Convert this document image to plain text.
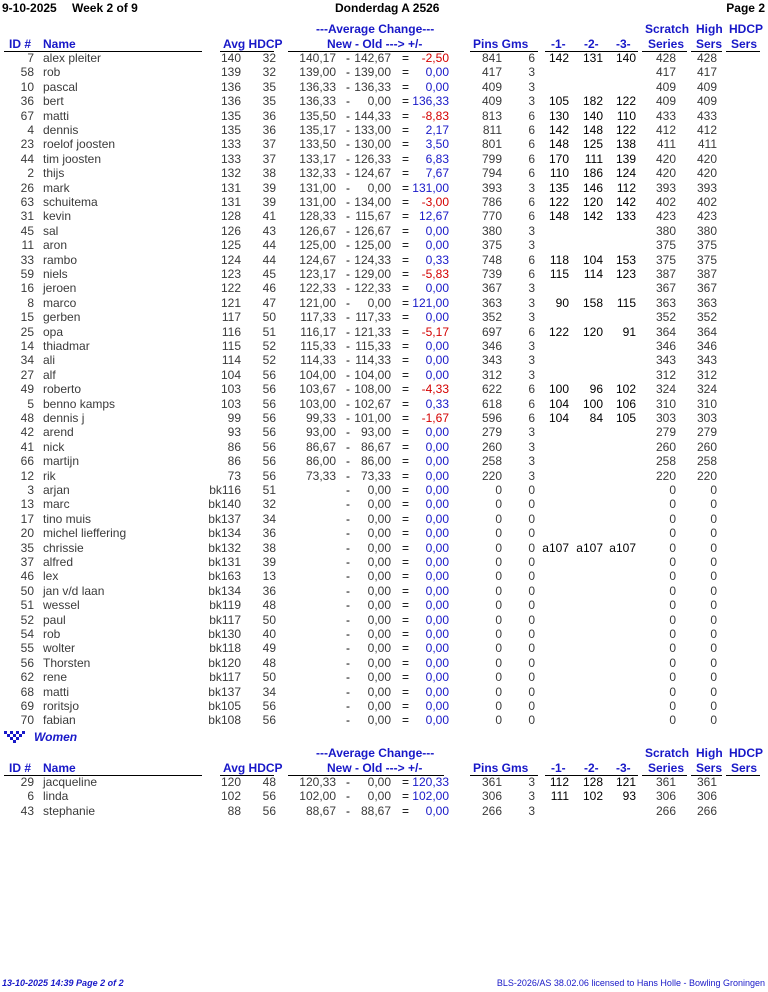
9-10-2025 Week 2 of 9	Donderdag A 2526	Page 2
---Average Change---	Scratch High HDCP
ID # Name	Avg HDCP	New - Old ---> +/-	Pins Gms -1- -2- -3- Series Sers Sers
7 alex pleiter	140 32 140,17 - 142,67 = -2,50	841 6 142 131 140 428 428
58 rob	139 32 139,00 - 139,00 = 0,00	417 3	417 417
10 pascal	136 35 136,33 - 136,33 = 0,00	409 3	409 409
36 bert	136 35 136,33 - 0,00 = 136,33	409 3 105 182 122 409 409
67 matti	135 36 135,50 - 144,33 = -8,83	813 6 130 140 110 433 433
4 dennis	135 36 135,17 - 133,00 = 2,17	811 6 142 148 122 412 412
23 roelof joosten	133 37 133,50 - 130,00 = 3,50	801 6 148 125 138 411 411
44 tim joosten	133 37 133,17 - 126,33 = 6,83	799 6 170 111 139 420 420
2 thijs	132 38 132,33 - 124,67 = 7,67	794 6 110 186 124 420 420
26 mark	131 39 131,00 - 0,00 = 131,00	393 3 135 146 112 393 393
63 schuitema	131 39 131,00 - 134,00 = -3,00	786 6 122 120 142 402 402
31 kevin	128 41 128,33 - 115,67 = 12,67	770 6 148 142 133 423 423
45 sal	126 43 126,67 - 126,67 = 0,00	380 3	380 380
11 aron	125 44 125,00 - 125,00 = 0,00	375 3	375 375
33 rambo	124 44 124,67 - 124,33 = 0,33	748 6 118 104 153 375 375
59 niels	123 45 123,17 - 129,00 = -5,83	739 6 115 114 123 387 387
16 jeroen	122 46 122,33 - 122,33 = 0,00	367 3	367 367
8 marco	121 47 121,00 - 0,00 = 121,00	363 3 90 158 115 363 363
15 gerben	117 50 117,33 - 117,33 = 0,00	352 3	352 352
25 opa	116 51 116,17 - 121,33 = -5,17	697 6 122 120 91 364 364
14 thiadmar	115 52 115,33 - 115,33 = 0,00	346 3	346 346
34 ali	114 52 114,33 - 114,33 = 0,00	343 3	343 343
27 alf	104 56 104,00 - 104,00 = 0,00	312 3	312 312
49 roberto	103 56 103,67 - 108,00 = -4,33	622 6 100 96 102 324 324
5 benno kamps	103 56 103,00 - 102,67 = 0,33	618 6 104 100 106 310 310
48 dennis j	99 56 99,33 - 101,00 = -1,67	596 6 104 84 105 303 303
42 arend	93 56 93,00 - 93,00 = 0,00	279 3	279 279
41 nick	86 56 86,67 - 86,67 = 0,00	260 3	260 260
66 martijn	86 56 86,00 - 86,00 = 0,00	258 3	258 258
12 rik	73 56 73,33 - 73,33 = 0,00	220 3	220 220
3 arjan	bk116 51	- 0,00 = 0,00	0 0	0	0
13 marc	bk140 32	- 0,00 = 0,00	0 0	0	0
17 tino muis	bk137 34	- 0,00 = 0,00	0 0	0	0
20 michel lieffering	bk134 36	- 0,00 = 0,00	0 0	0	0
35 chrissie	bk132 38	- 0,00 = 0,00	0 0 a107 a107 a107	0	0
37 alfred	bk131 39	- 0,00 = 0,00	0 0	0	0
46 lex	bk163 13	- 0,00 = 0,00	0 0	0	0
50 jan v/d laan	bk134 36	- 0,00 = 0,00	0 0	0	0
51 wessel	bk119 48	- 0,00 = 0,00	0 0	0	0
52 paul	bk117 50	- 0,00 = 0,00	0 0	0	0
54 rob	bk130 40	- 0,00 = 0,00	0 0	0	0
55 wolter	bk118 49	- 0,00 = 0,00	0 0	0	0
56 Thorsten	bk120 48	- 0,00 = 0,00	0 0	0	0
62 rene	bk117 50	- 0,00 = 0,00	0 0	0	0
68 matti	bk137 34	- 0,00 = 0,00	0 0	0	0
69 roritsjo	bk105 56	- 0,00 = 0,00	0 0	0	0
70 fabian	bk108 56	- 0,00 = 0,00	0 0	0	0
Women
---Average Change---	Scratch High HDCP
ID # Name	Avg HDCP	New - Old ---> +/-	Pins Gms -1- -2- -3- Series Sers Sers
29 jacqueline	120 48 120,33 - 0,00 = 120,33	361 3 112 128 121 361 361
6 linda	102 56 102,00 - 0,00 = 102,00	306 3 111 102 93 306 306
43 stephanie	88 56 88,67 - 88,67 = 0,00	266 3	266 266
13-10-2025 14:39 Page 2 of 2	BLS-2026/AS 38.02.06 licensed to Hans Holle - Bowling Groningen
